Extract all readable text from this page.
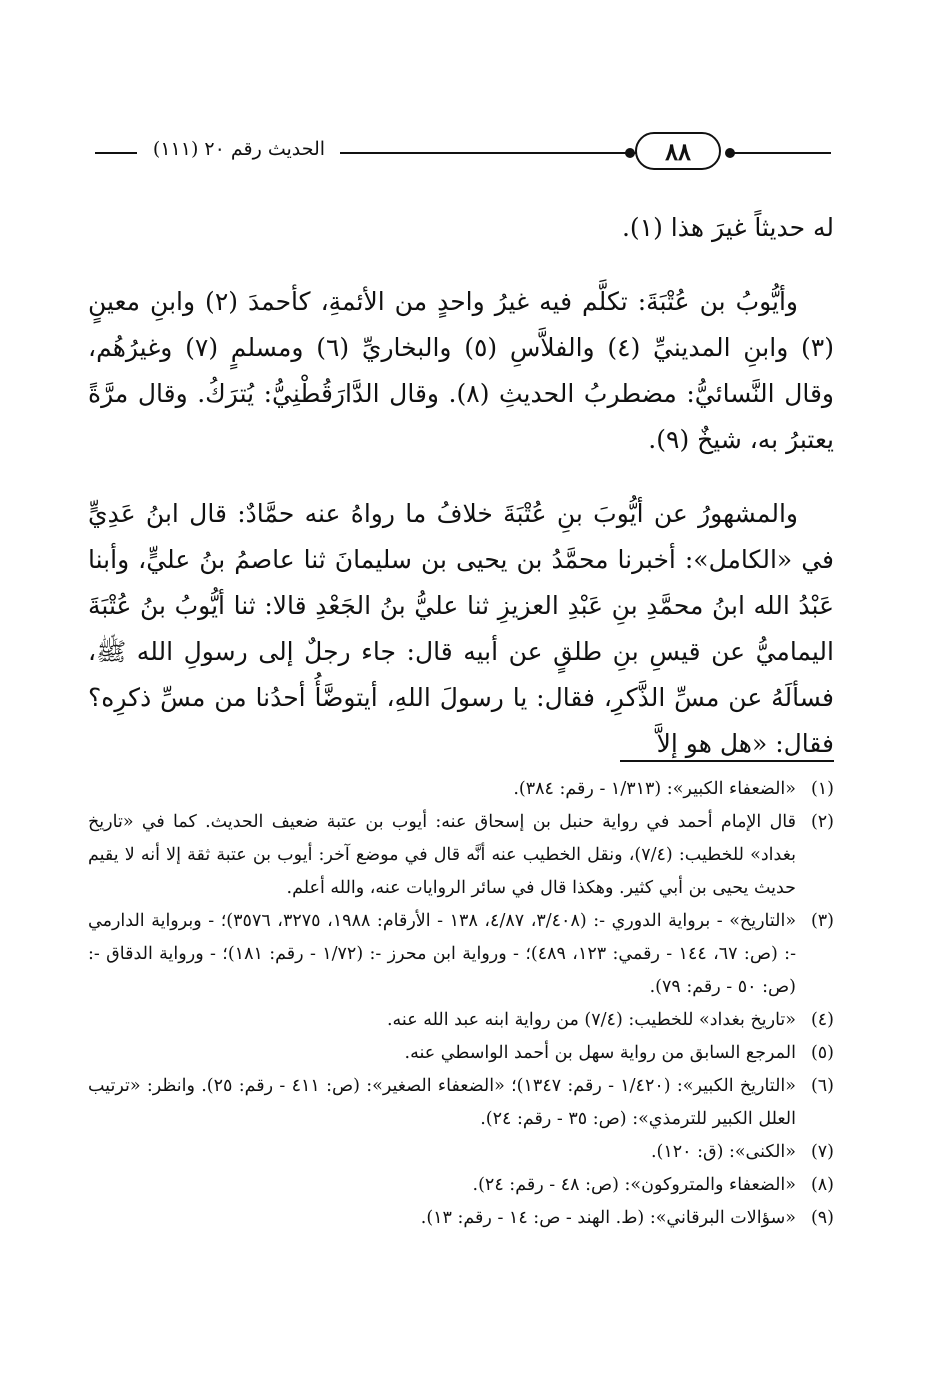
٨٨
الحديث رقم ٢٠ (١١١)

له حديثاً غيرَ هذا (١).

وأيُّوبُ بن عُتْبَةَ: تكلَّم فيه غيرُ واحدٍ من الأئمةِ، كأحمدَ (٢) وابنِ معينٍ (٣) وابنِ المدينيِّ (٤) والفلاَّسِ (٥) والبخاريِّ (٦) ومسلمٍ (٧) وغيرُهُم، وقال النَّسائيُّ: مضطربُ الحديثِ (٨). وقال الدَّارَقُطْنِيُّ: يُترَكُ. وقال مرَّةً يعتبرُ به، شيخٌ (٩).

والمشهورُ عن أيُّوبَ بنِ عُتْبَةَ خلافُ ما رواهُ عنه حمَّادٌ: قال ابنُ عَدِيٍّ في «الكامل»: أخبرنا محمَّدُ بن يحيى بن سليمانَ ثنا عاصمُ بنُ عليٍّ، وأبنا عَبْدُ الله ابنُ محمَّدِ بنِ عَبْدِ العزيزِ ثنا عليُّ بنُ الجَعْدِ قالا: ثنا أيُّوبُ بنُ عُتْبَةَ اليماميُّ عن قيسِ بنِ طلقٍ عن أبيه قال: جاء رجلٌ إلى رسولِ الله ﷺ، فسألَهُ عن مسِّ الذَّكرِ، فقال: يا رسولَ اللهِ، أيتوضَّأُ أحدُنا من مسِّ ذكرِه؟ فقال: «هل هو إلاَّ

(١)
«الضعفاء الكبير»: (١/٣١٣ - رقم: ٣٨٤).
(٢)
قال الإمام أحمد في رواية حنبل بن إسحاق عنه: أيوب بن عتبة ضعيف الحديث. كما في «تاريخ بغداد» للخطيب: (٧/٤)، ونقل الخطيب عنه أنَّه قال في موضع آخر: أيوب بن عتبة ثقة إلا أنه لا يقيم حديث يحيى بن أبي كثير. وهكذا قال في سائر الروايات عنه، والله أعلم.
(٣)
«التاريخ» - برواية الدوري -: (٣/٤٠٨، ٤/٨٧، ١٣٨ - الأرقام: ١٩٨٨، ٣٢٧٥، ٣٥٧٦)؛ - وبرواية الدارمي -: (ص: ٦٧، ١٤٤ - رقمي: ١٢٣، ٤٨٩)؛ - ورواية ابن محرز -: (١/٧٢ - رقم: ١٨١)؛ - ورواية الدقاق -: (ص: ٥٠ - رقم: ٧٩).
(٤)
«تاريخ بغداد» للخطيب: (٧/٤) من رواية ابنه عبد الله عنه.
(٥)
المرجع السابق من رواية سهل بن أحمد الواسطي عنه.
(٦)
«التاريخ الكبير»: (١/٤٢٠ - رقم: ١٣٤٧)؛ «الضعفاء الصغير»: (ص: ٤١١ - رقم: ٢٥). وانظر: «ترتيب العلل الكبير للترمذي»: (ص: ٣٥ - رقم: ٢٤).
(٧)
«الكنى»: (ق: ١٢٠).
(٨)
«الضعفاء والمتروكون»: (ص: ٤٨ - رقم: ٢٤).
(٩)
«سؤالات البرقاني»: (ط. الهند - ص: ١٤ - رقم: ١٣).
